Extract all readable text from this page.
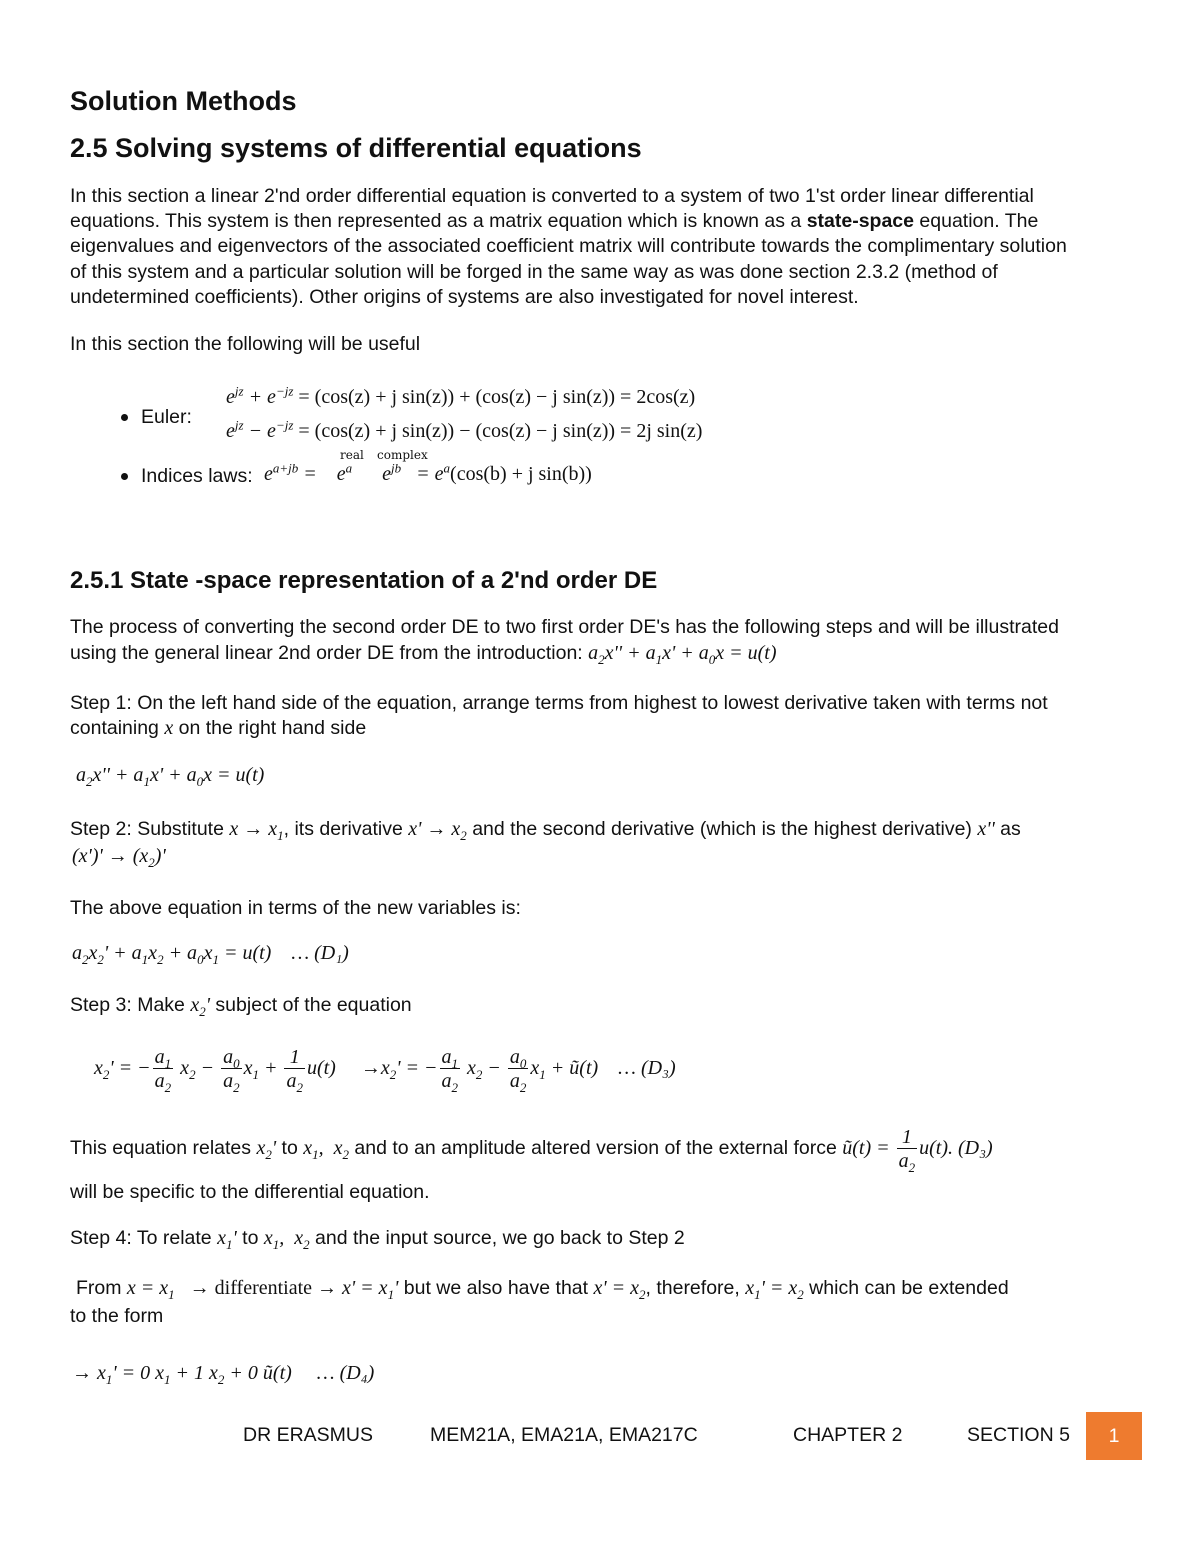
Solution Methods
2.5 Solving systems of differential equations
In this section a linear 2'nd order differential equation is converted to a system of two 1'st order linear differential
equations. This system is then represented as a matrix equation which is known as a state-space equation. The
eigenvalues and eigenvectors of the associated coefficient matrix will contribute towards the complimentary solution
of this system and a particular solution will be forged in the same way as was done section 2.3.2 (method of
undetermined coefficients). Other origins of systems are also investigated for novel interest.
In this section the following will be useful
Euler:
$e^{jz} + e^{-jz} = (\cos(z) + j$ sin(z)) + (cos(z) − j sin(z)) = 2cos(z)
$e^{jz} - e^{-jz} = (\cos(z) + j$ sin(z)) − (cos(z) − j sin(z)) = 2j sin(z)
real complex
Indices laws: $e^{a+jb}$ =    $e^a$      $e^{jb} = e^a(\cos(b) + j$ sin(b))
2.5.1 State -space representation of a 2'nd order DE
The process of converting the second order DE to two first order DE's has the following steps and will be illustrated
using the general linear 2nd order DE from the introduction: $a_2x'' + a_1x' + a_0x = u(t)$
Step 1: On the left hand side of the equation, arrange terms from highest to lowest derivative taken with terms not
containing x on the right hand side
$a_2x'' + a_1x' + a_0x = u(t)$
Step 2: Substitute $x \to x_1$, its derivative $x' \to x_2$ and the second derivative (which is the highest derivative) x'' as
$(x')' \to (x_2)'$
The above equation in terms of the new variables is:
$a_2x_2' + a_1x_2 + a_0x_1 = u(t)$    … (D₁)
Step 3: Make $x_2'$ subject of the equation
$x_2'$ = − $\frac{a_1}{a_2} x_2 - \frac{a_0}{a_2} x_1 + \frac{1}{a_2} u(t)$     $\to x_2'$ = − $\frac{a_1}{a_2} x_2 - \frac{a_0}{a_2} x_1$ + ũ(t)    … (D₃)
This equation relates $x_2'$ to $x_1$,  $x_2$ and to an amplitude altered version of the external force ũ(t) = $\frac{1}{a_2} u(t)$. (D₃)
will be specific to the differential equation.
Step 4: To relate $x_1'$ to $x_1$,  $x_2$ and the input source, we go back to Step 2
From $x = x_1$   → differentiate → $x' = x_1'$ but we also have that $x' = x_2$, therefore, $x_1' = x_2$ which can be extended
to the form
→ $x_1' = 0$ $x_1 + 1$ $x_2 + 0$ ũ(t)     … (D₄)
DR ERASMUS	MEM21A, EMA21A, EMA217C	CHAPTER 2	SECTION 5	1
